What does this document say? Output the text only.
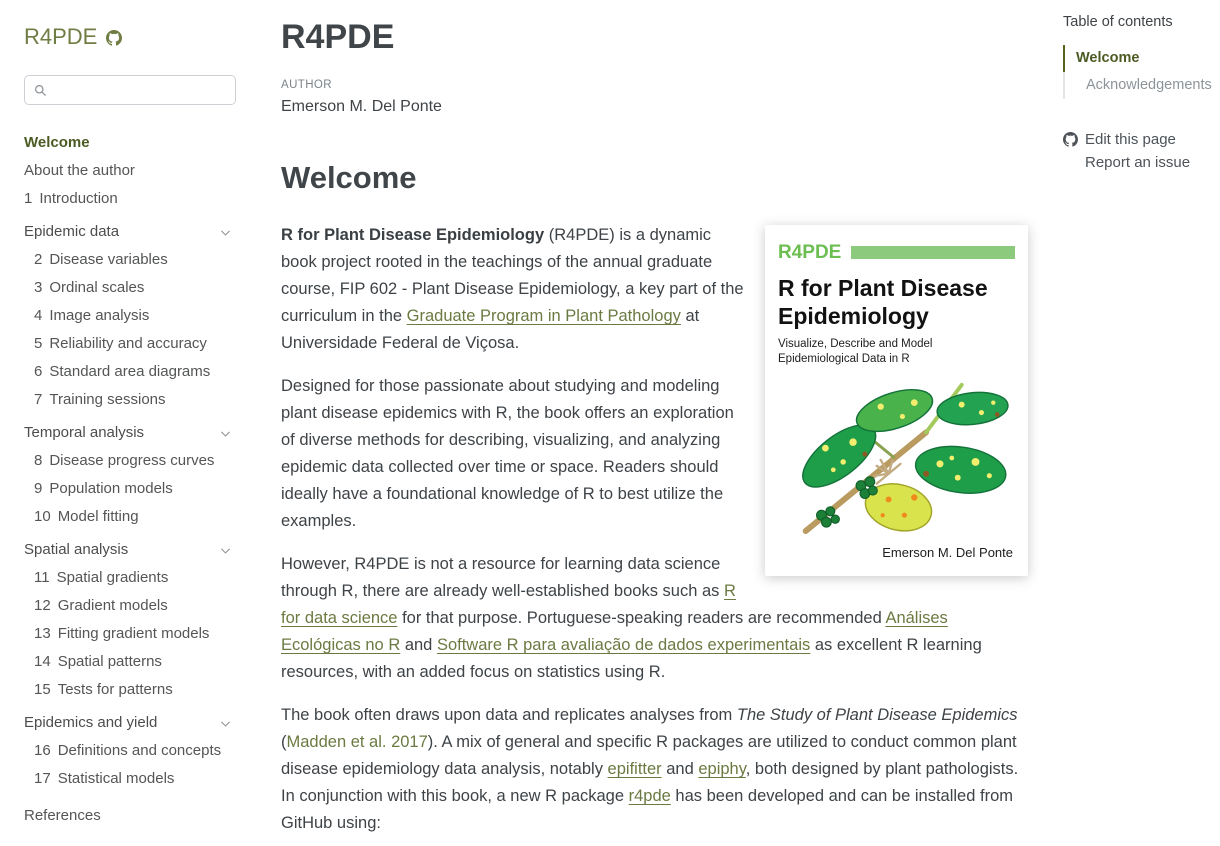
R4PDE
Welcome
About the author
1 Introduction
Epidemic data
2 Disease variables
3 Ordinal scales
4 Image analysis
5 Reliability and accuracy
6 Standard area diagrams
7 Training sessions
Temporal analysis
8 Disease progress curves
9 Population models
10 Model fitting
Spatial analysis
11 Spatial gradients
12 Gradient models
13 Fitting gradient models
14 Spatial patterns
15 Tests for patterns
Epidemics and yield
16 Definitions and concepts
17 Statistical models
References
R4PDE
AUTHOR
Emerson M. Del Ponte
Welcome
R4PDE
R for Plant Disease
Epidemiology
Visualize, Describe and Model
Epidemiological Data in R
Emerson M. Del Ponte

R for Plant Disease Epidemiology (R4PDE) is a dynamic book project rooted in the teachings of the annual graduate course, FIP 602 - Plant Disease Epidemiology, a key part of the curriculum in the Graduate Program in Plant Pathology at Universidade Federal de Viçosa.

Designed for those passionate about studying and modeling plant disease epidemics with R, the book offers an exploration of diverse methods for describing, visualizing, and analyzing epidemic data collected over time or space. Readers should ideally have a foundational knowledge of R to best utilize the examples.

However, R4PDE is not a resource for learning data science through R, there are already well-established books such as R for data science for that purpose. Portuguese-speaking readers are recommended Análises Ecológicas no R and Software R para avaliação de dados experimentais as excellent R learning resources, with an added focus on statistics using R.

The book often draws upon data and replicates analyses from The Study of Plant Disease Epidemics (Madden et al. 2017). A mix of general and specific R packages are utilized to conduct common plant disease epidemiology data analysis, notably epifitter and epiphy, both designed by plant pathologists. In conjunction with this book, a new R package r4pde has been developed and can be installed from GitHub using:

Table of contents
Welcome
Acknowledgements
Edit this page
Report an issue
